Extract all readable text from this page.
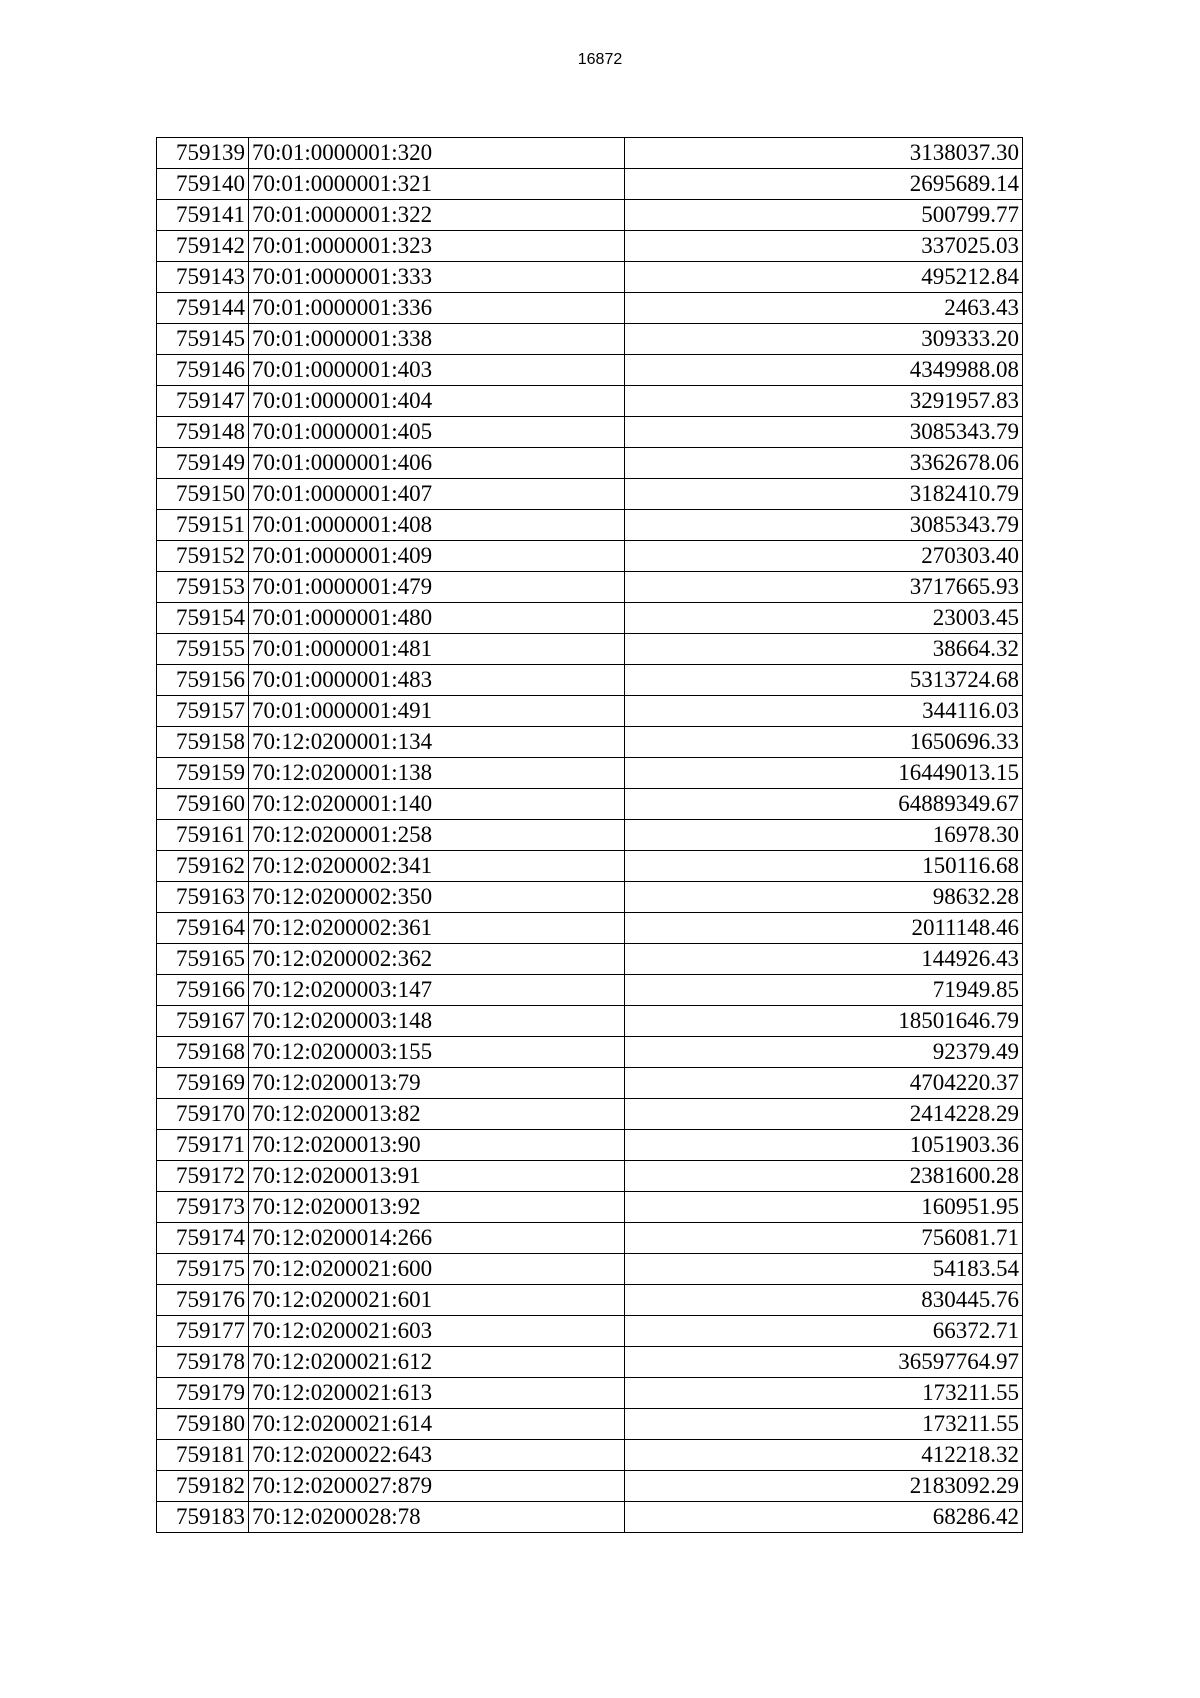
16872
759139	70:01:0000001:320	3138037.30
759140	70:01:0000001:321	2695689.14
759141	70:01:0000001:322	500799.77
759142	70:01:0000001:323	337025.03
759143	70:01:0000001:333	495212.84
759144	70:01:0000001:336	2463.43
759145	70:01:0000001:338	309333.20
759146	70:01:0000001:403	4349988.08
759147	70:01:0000001:404	3291957.83
759148	70:01:0000001:405	3085343.79
759149	70:01:0000001:406	3362678.06
759150	70:01:0000001:407	3182410.79
759151	70:01:0000001:408	3085343.79
759152	70:01:0000001:409	270303.40
759153	70:01:0000001:479	3717665.93
759154	70:01:0000001:480	23003.45
759155	70:01:0000001:481	38664.32
759156	70:01:0000001:483	5313724.68
759157	70:01:0000001:491	344116.03
759158	70:12:0200001:134	1650696.33
759159	70:12:0200001:138	16449013.15
759160	70:12:0200001:140	64889349.67
759161	70:12:0200001:258	16978.30
759162	70:12:0200002:341	150116.68
759163	70:12:0200002:350	98632.28
759164	70:12:0200002:361	2011148.46
759165	70:12:0200002:362	144926.43
759166	70:12:0200003:147	71949.85
759167	70:12:0200003:148	18501646.79
759168	70:12:0200003:155	92379.49
759169	70:12:0200013:79	4704220.37
759170	70:12:0200013:82	2414228.29
759171	70:12:0200013:90	1051903.36
759172	70:12:0200013:91	2381600.28
759173	70:12:0200013:92	160951.95
759174	70:12:0200014:266	756081.71
759175	70:12:0200021:600	54183.54
759176	70:12:0200021:601	830445.76
759177	70:12:0200021:603	66372.71
759178	70:12:0200021:612	36597764.97
759179	70:12:0200021:613	173211.55
759180	70:12:0200021:614	173211.55
759181	70:12:0200022:643	412218.32
759182	70:12:0200027:879	2183092.29
759183	70:12:0200028:78	68286.42
